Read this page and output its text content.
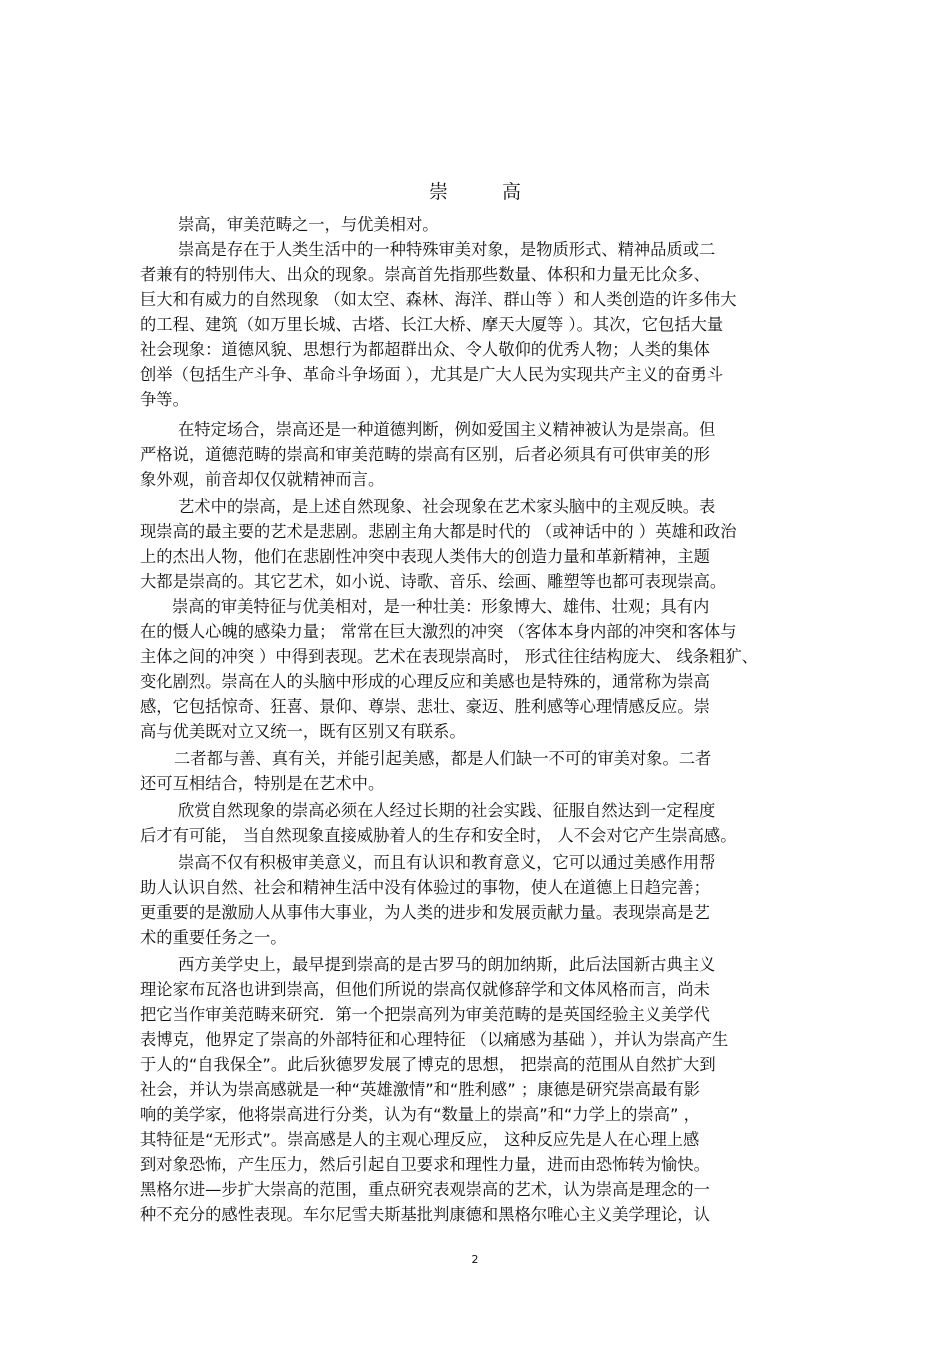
崇 高
崇高，审美范畴之一，与优美相对。
崇高是存在于人类生活中的一种特殊审美对象，是物质形式、精神品质或二
者兼有的特别伟大、出众的现象。崇高首先指那些数量、体积和力量无比众多、
巨大和有威力的自然现象 （如太空、森林、海洋、群山等 ）和人类创造的许多伟大
的工程、建筑（如万里长城、古塔、长江大桥、摩天大厦等 ）。其次，它包括大量
社会现象：道德风貌、思想行为都超群出众、令人敬仰的优秀人物；人类的集体
创举（包括生产斗争、革命斗争场面 ），尤其是广大人民为实现共产主义的奋勇斗
争等。
在特定场合，崇高还是一种道德判断，例如爱国主义精神被认为是崇高。但
严格说，道德范畴的崇高和审美范畴的崇高有区别，后者必须具有可供审美的形
象外观，前音却仅仅就精神而言。
艺术中的崇高，是上述自然现象、社会现象在艺术家头脑中的主观反映。表
现崇高的最主要的艺术是悲剧。悲剧主角大都是时代的 （或神话中的 ）英雄和政治
上的杰出人物，他们在悲剧性冲突中表现人类伟大的创造力量和革新精神，主题
大都是崇高的。其它艺术，如小说、诗歌、音乐、绘画、雕塑等也都可表现崇高。
崇高的审美特征与优美相对，是一种壮美：形象博大、雄伟、壮观；具有内
在的慑人心魄的感染力量； 常常在巨大激烈的冲突 （客体本身内部的冲突和客体与
主体之间的冲突 ）中得到表现。艺术在表现崇高时， 形式往往结构庞大、 线条粗犷、
变化剧烈。崇高在人的头脑中形成的心理反应和美感也是特殊的，通常称为崇高
感，它包括惊奇、狂喜、景仰、尊崇、悲壮、豪迈、胜利感等心理情感反应。崇
高与优美既对立又统一，既有区别又有联系。
二者都与善、真有关，并能引起美感，都是人们缺一不可的审美对象。二者
还可互相结合，特别是在艺术中。
欣赏自然现象的崇高必须在人经过长期的社会实践、征服自然达到一定程度
后才有可能， 当自然现象直接威胁着人的生存和安全时， 人不会对它产生崇高感。
崇高不仅有积极审美意义，而且有认识和教育意义，它可以通过美感作用帮
助人认识自然、社会和精神生活中没有体验过的事物，使人在道德上日趋完善；
更重要的是激励人从事伟大事业，为人类的进步和发展贡献力量。表现崇高是艺
术的重要任务之一。
西方美学史上，最早提到崇高的是古罗马的朗加纳斯，此后法国新古典主义
理论家布瓦洛也讲到崇高，但他们所说的崇高仅就修辞学和文体风格而言，尚未
把它当作审美范畴来研究．第一个把崇高列为审美范畴的是英国经验主义美学代
表博克，他界定了崇高的外部特征和心理特征 （以痛感为基础 ），并认为崇高产生
于人的“自我保全”。此后狄德罗发展了博克的思想， 把崇高的范围从自然扩大到
社会，并认为崇高感就是一种“英雄激情”和“胜利感” ；康德是研究崇高最有影
响的美学家，他将崇高进行分类，认为有“数量上的崇高”和“力学上的崇高” ，
其特征是“无形式”。崇高感是人的主观心理反应， 这种反应先是人在心理上感
到对象恐怖，产生压力，然后引起自卫要求和理性力量，进而由恐怖转为愉快。
黑格尔进—步扩大崇高的范围，重点研究表观崇高的艺术，认为崇高是理念的一
种不充分的感性表现。车尔尼雪夫斯基批判康德和黑格尔唯心主义美学理论，认
2
